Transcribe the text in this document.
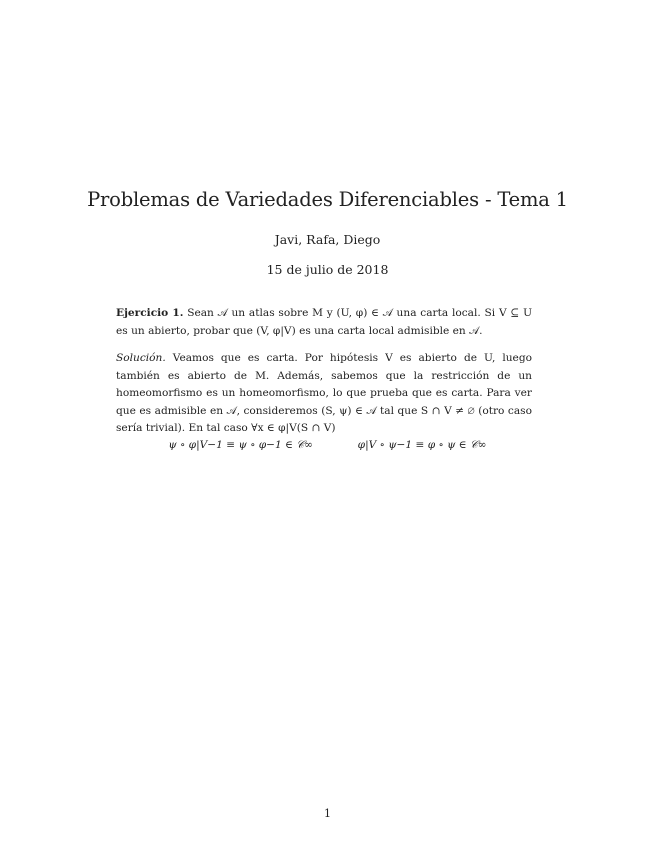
Problemas de Variedades Diferenciables - Tema 1
Javi, Rafa, Diego
15 de julio de 2018
Ejercicio 1. Sean 𝒜 un atlas sobre M y (U, φ) ∈ 𝒜 una carta local. Si V ⊆ U es un abierto, probar que (V, φ|V) es una carta local admisible en 𝒜.
Solución. Veamos que es carta. Por hipótesis V es abierto de U, luego también es abierto de M. Además, sabemos que la restricción de un homeomorfismo es un homeomorfismo, lo que prueba que es carta. Para ver que es admisible en 𝒜, consideremos (S, ψ) ∈ 𝒜 tal que S ∩ V ≠ ∅ (otro caso sería trivial). En tal caso ∀x ∈ φ|V(S ∩ V)
ψ ∘ φ|V−1 ≡ ψ ∘ φ−1 ∈ 𝒞∞	φ|V ∘ ψ−1 ≡ φ ∘ ψ ∈ 𝒞∞
1
